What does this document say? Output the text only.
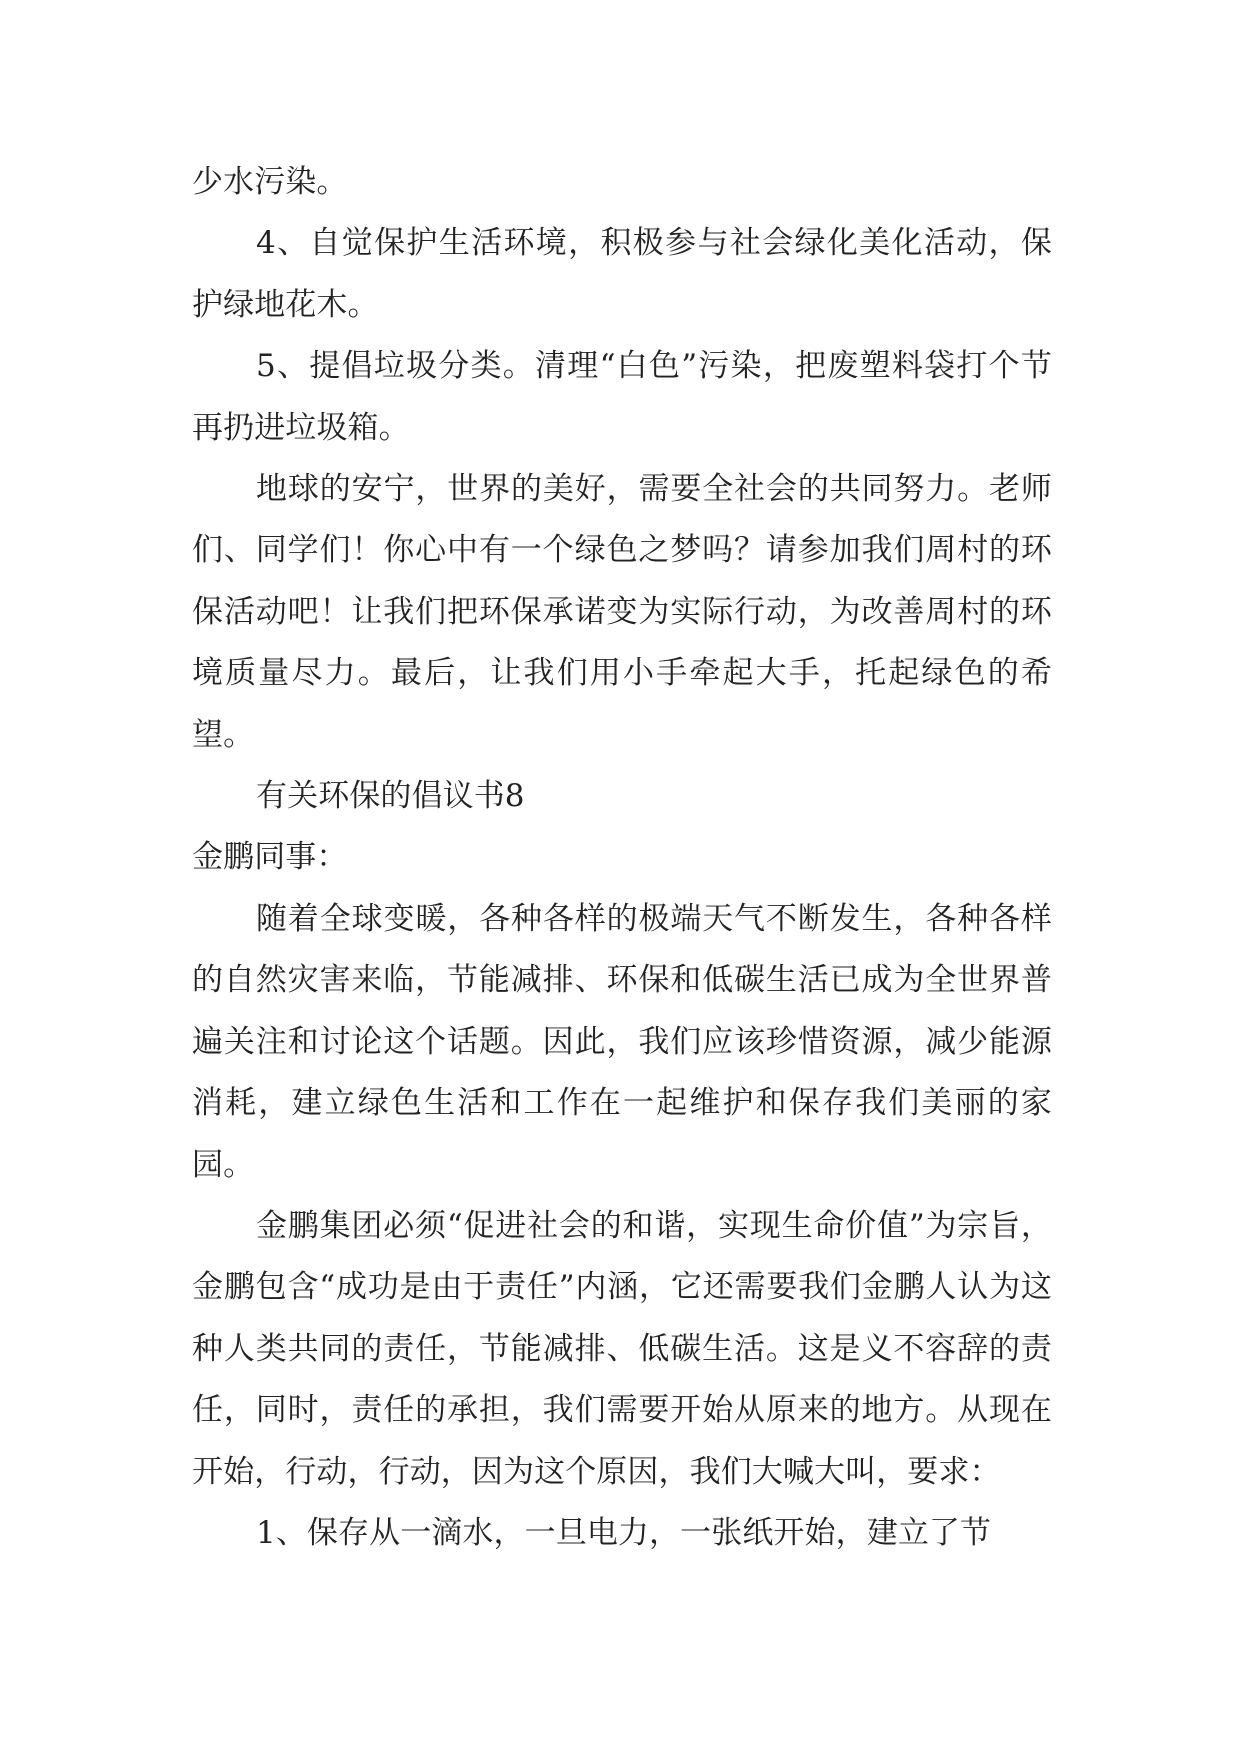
少水污染。

4、自觉保护生活环境，积极参与社会绿化美化活动，保护绿地花木。

5、提倡垃圾分类。清理“白色”污染，把废塑料袋打个节再扔进垃圾箱。

地球的安宁，世界的美好，需要全社会的共同努力。老师们、同学们！你心中有一个绿色之梦吗？请参加我们周村的环保活动吧！让我们把环保承诺变为实际行动，为改善周村的环境质量尽力。最后，让我们用小手牵起大手，托起绿色的希望。

有关环保的倡议书8

金鹏同事：

随着全球变暖，各种各样的极端天气不断发生，各种各样的自然灾害来临，节能减排、环保和低碳生活已成为全世界普遍关注和讨论这个话题。因此，我们应该珍惜资源，减少能源消耗，建立绿色生活和工作在一起维护和保存我们美丽的家园。

金鹏集团必须“促进社会的和谐，实现生命价值”为宗旨，金鹏包含“成功是由于责任”内涵，它还需要我们金鹏人认为这种人类共同的责任，节能减排、低碳生活。这是义不容辞的责任，同时，责任的承担，我们需要开始从原来的地方。从现在开始，行动，行动，因为这个原因，我们大喊大叫，要求：

1、保存从一滴水，一旦电力，一张纸开始，建立了节
